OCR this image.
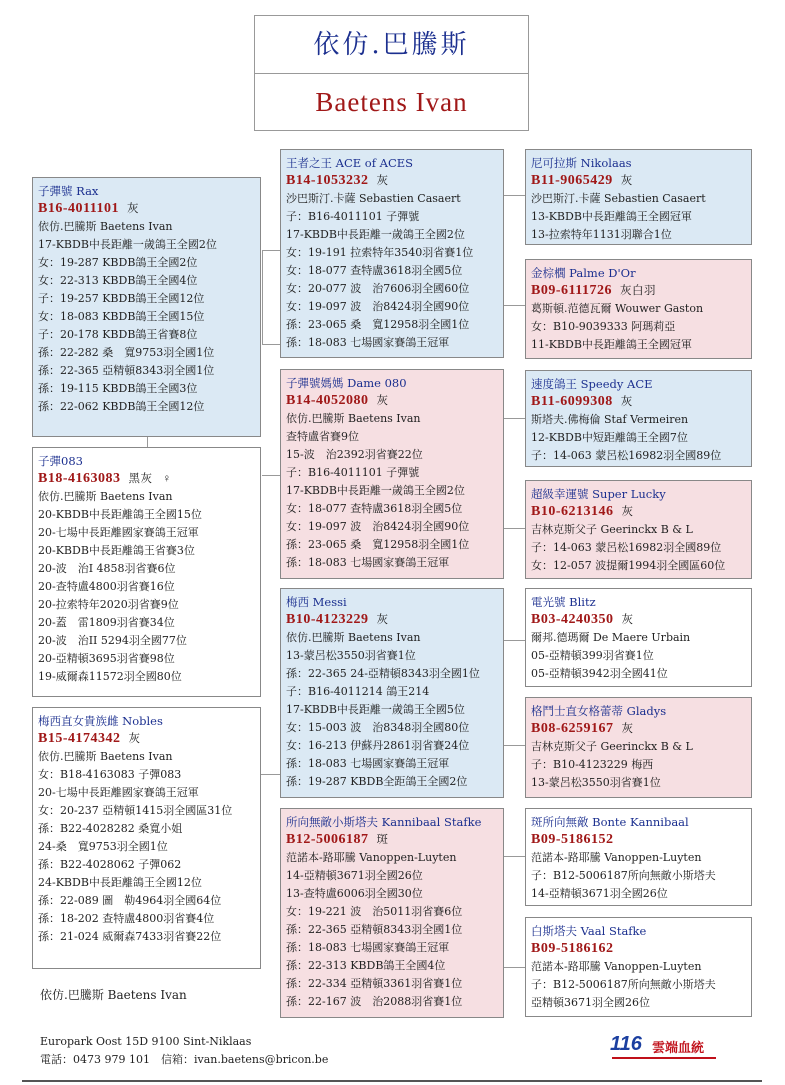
依仿.巴騰斯
Baetens Ivan
子彈號 Rax
B16-4011101 灰
依仿.巴騰斯 Baetens Ivan
17-KBDB中長距離一歲鴿王全國2位
女：19-287 KBDB鴿王全國2位
女：22-313 KBDB鴿王全國4位
子：19-257 KBDB鴿王全國12位
女：18-083 KBDB鴿王全國15位
子：20-178 KBDB鴿王省賽8位
孫：22-282 桑　寬9753羽全國1位
孫：22-365 亞精頓8343羽全國1位
孫：19-115 KBDB鴿王全國3位
孫：22-062 KBDB鴿王全國12位
子彈083
B18-4163083 黑灰 ♀
依仿.巴騰斯 Baetens Ivan
20-KBDB中長距離鴿王全國15位
20-七場中長距離國家賽鴿王冠軍
20-KBDB中長距離鴿王省賽3位
20-波　治I 4858羽省賽6位
20-查特盧4800羽省賽16位
20-拉索特年2020羽省賽9位
20-蓋　雷1809羽省賽34位
20-波　治II 5294羽全國77位
20-亞精頓3695羽省賽98位
19-威爾森11572羽全國80位
梅西直女貴族雌 Nobles
B15-4174342 灰
依仿.巴騰斯 Baetens Ivan
女：B18-4163083 子彈083
20-七場中長距離國家賽鴿王冠軍
女：20-237 亞精頓1415羽全國區31位
孫：B22-4028282 桑寬小姐
24-桑　寬9753羽全國1位
孫：B22-4028062 子彈062
24-KBDB中長距離鴿王全國12位
孫：22-089 圖　勒4964羽全國64位
孫：18-202 查特盧4800羽省賽4位
孫：21-024 威爾森7433羽省賽22位
王者之王 ACE of ACES
B14-1053232 灰
沙巴斯汀.卡薩 Sebastien Casaert
子：B16-4011101 子彈號
17-KBDB中長距離一歲鴿王全國2位
女：19-191 拉索特年3540羽省賽1位
女：18-077 查特盧3618羽全國5位
女：20-077 波　治7606羽全國60位
女：19-097 波　治8424羽全國90位
孫：23-065 桑　寬12958羽全國1位
孫：18-083 七場國家賽鴿王冠軍
子彈號媽媽 Dame 080
B14-4052080 灰
依仿.巴騰斯 Baetens Ivan
查特盧省賽9位
15-波　治2392羽省賽22位
子：B16-4011101 子彈號
17-KBDB中長距離一歲鴿王全國2位
女：18-077 查特盧3618羽全國5位
女：19-097 波　治8424羽全國90位
孫：23-065 桑　寬12958羽全國1位
孫：18-083 七場國家賽鴿王冠軍
梅西 Messi
B10-4123229 灰
依仿.巴騰斯 Baetens Ivan
13-蒙呂松3550羽省賽1位
孫：22-365 24-亞精頓8343羽全國1位
子：B16-4011214 鴿王214
17-KBDB中長距離一歲鴿王全國5位
女：15-003 波　治8348羽全國80位
女：16-213 伊蘇丹2861羽省賽24位
孫：18-083 七場國家賽鴿王冠軍
孫：19-287 KBDB全距鴿王全國2位
所向無敵小斯塔夫 Kannibaal Stafke
B12-5006187 斑
范諾本-路耶騰 Vanoppen-Luyten
14-亞精頓3671羽全國26位
13-查特盧6006羽全國30位
女：19-221 波　治5011羽省賽6位
孫：22-365 亞精頓8343羽全國1位
孫：18-083 七場國家賽鴿王冠軍
孫：22-313 KBDB鴿王全國4位
孫：22-334 亞精頓3361羽省賽1位
孫：22-167 波　治2088羽省賽1位
尼可拉斯 Nikolaas
B11-9065429 灰
沙巴斯汀.卡薩 Sebastien Casaert
13-KBDB中長距離鴿王全國冠軍
13-拉索特年1131羽聯合1位
金棕櫚 Palme D'Or
B09-6111726 灰白羽
葛斯頓.范德瓦爾 Wouwer Gaston
女：B10-9039333 阿瑪莉亞
11-KBDB中長距離鴿王全國冠軍
速度鴿王 Speedy ACE
B11-6099308 灰
斯塔夫.佛梅倫 Staf Vermeiren
12-KBDB中短距離鴿王全國7位
子：14-063 蒙呂松16982羽全國89位
超級幸運號 Super Lucky
B10-6213146 灰
吉林克斯父子 Geerinckx B & L
子：14-063 蒙呂松16982羽全國89位
女：12-057 波提爾1994羽全國區60位
電光號 Blitz
B03-4240350 灰
爾邦.德瑪爾 De Maere Urbain
05-亞精頓399羽省賽1位
05-亞精頓3942羽全國41位
格鬥士直女格蕾蒂 Gladys
B08-6259167 灰
吉林克斯父子 Geerinckx B & L
子：B10-4123229 梅西
13-蒙呂松3550羽省賽1位
斑所向無敵 Bonte Kannibaal
B09-5186152
范諾本-路耶騰 Vanoppen-Luyten
子：B12-5006187所向無敵小斯塔夫
14-亞精頓3671羽全國26位
白斯塔夫 Vaal Stafke
B09-5186162
范諾本-路耶騰 Vanoppen-Luyten
子：B12-5006187所向無敵小斯塔夫
亞精頓3671羽全國26位
依仿.巴騰斯 Baetens Ivan
Europark Oost 15D 9100 Sint-Niklaas
電話：0473 979 101　信箱：ivan.baetens@bricon.be
116 雲端血統
